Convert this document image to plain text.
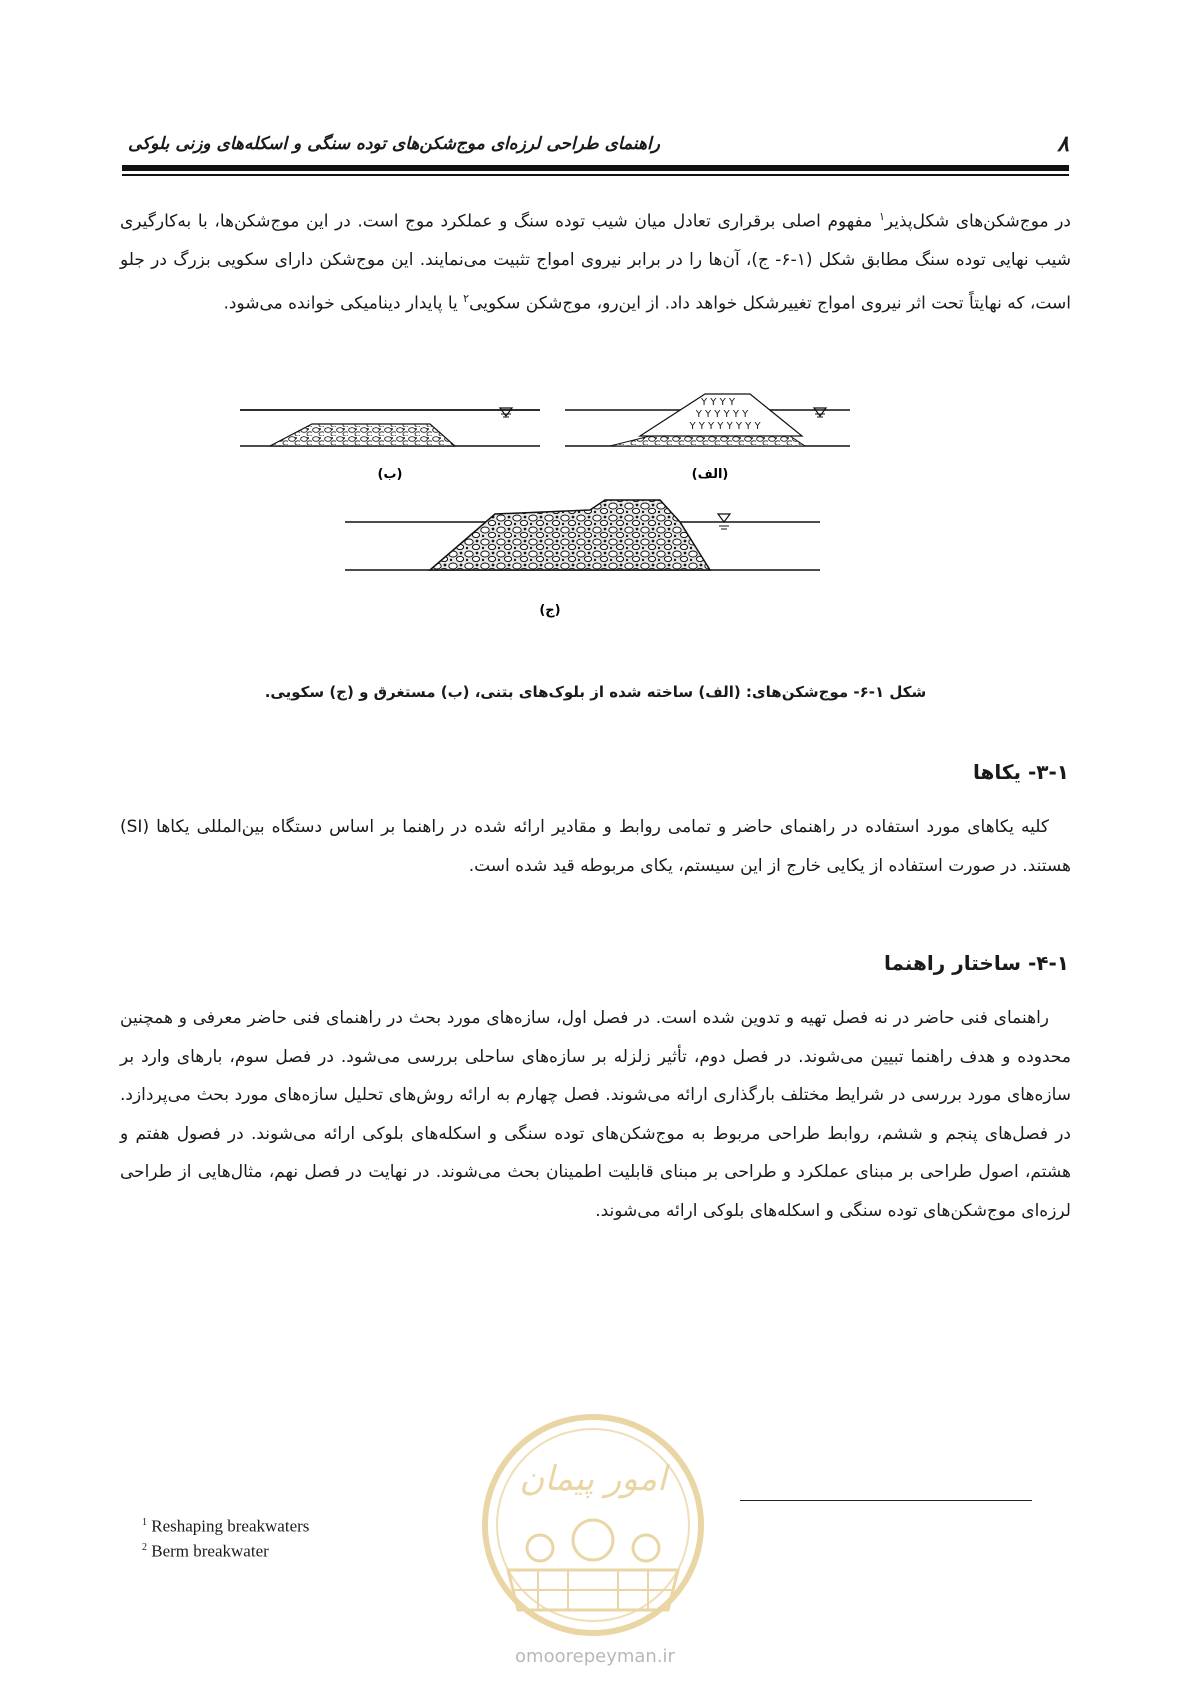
۸
راهنمای طراحی لرزه‌ای موج‌شکن‌های توده سنگی و اسکله‌های وزنی بلوکی
در موج‌شکن‌های شکل‌پذیر$^۱$ مفهوم اصلی برقراری تعادل میان شیب توده سنگ و عملکرد موج است. در این موج‌شکن‌ها، با به‌کارگیری شیب نهایی توده سنگ مطابق شکل (۱-۶- ج)، آن‌ها را در برابر نیروی امواج تثبیت می‌نمایند. این موج‌شکن دارای سکویی بزرگ در جلو است، که نهایتاً تحت اثر نیروی امواج تغییرشکل خواهد داد. از این‌رو، موج‌شکن سکویی$^۲$ یا پایدار دینامیکی خوانده می‌شود.
Y Y Y Y
Y Y Y Y Y Y
Y Y Y Y Y Y Y Y
(ب)	(الف)
(ج)
شکل ۱-۶- موج‌شکن‌های: (الف) ساخته شده از بلوک‌های بتنی، (ب) مستغرق و (ج) سکویی.
۳-۱- یکاها
کلیه یکاهای مورد استفاده در راهنمای حاضر و تمامی روابط و مقادیر ارائه شده در راهنما بر اساس دستگاه بین‌المللی یکاها (SI) هستند. در صورت استفاده از یکایی خارج از این سیستم، یکای مربوطه قید شده است.
۴-۱- ساختار راهنما
راهنمای فنی حاضر در نه فصل تهیه و تدوین شده است. در فصل اول، سازه‌های مورد بحث در راهنمای فنی حاضر معرفی و همچنین محدوده و هدف راهنما تبیین می‌شوند. در فصل دوم، تأثیر زلزله بر سازه‌های ساحلی بررسی می‌شود. در فصل سوم، بارهای وارد بر سازه‌های مورد بررسی در شرایط مختلف بارگذاری ارائه می‌شوند. فصل چهارم به ارائه روش‌های تحلیل سازه‌های مورد بحث می‌پردازد. در فصل‌های پنجم و ششم، روابط طراحی مربوط به موج‌شکن‌های توده سنگی و اسکله‌های بلوکی ارائه می‌شوند. در فصول هفتم و هشتم، اصول طراحی بر مبنای عملکرد و طراحی بر مبنای قابلیت اطمینان بحث می‌شوند. در نهایت در فصل نهم، مثال‌هایی از طراحی لرزه‌ای موج‌شکن‌های توده سنگی و اسکله‌های بلوکی ارائه می‌شوند.
امور پیمان
omoorepeyman.ir
$^1$ Reshaping breakwaters
$^2$ Berm breakwater
